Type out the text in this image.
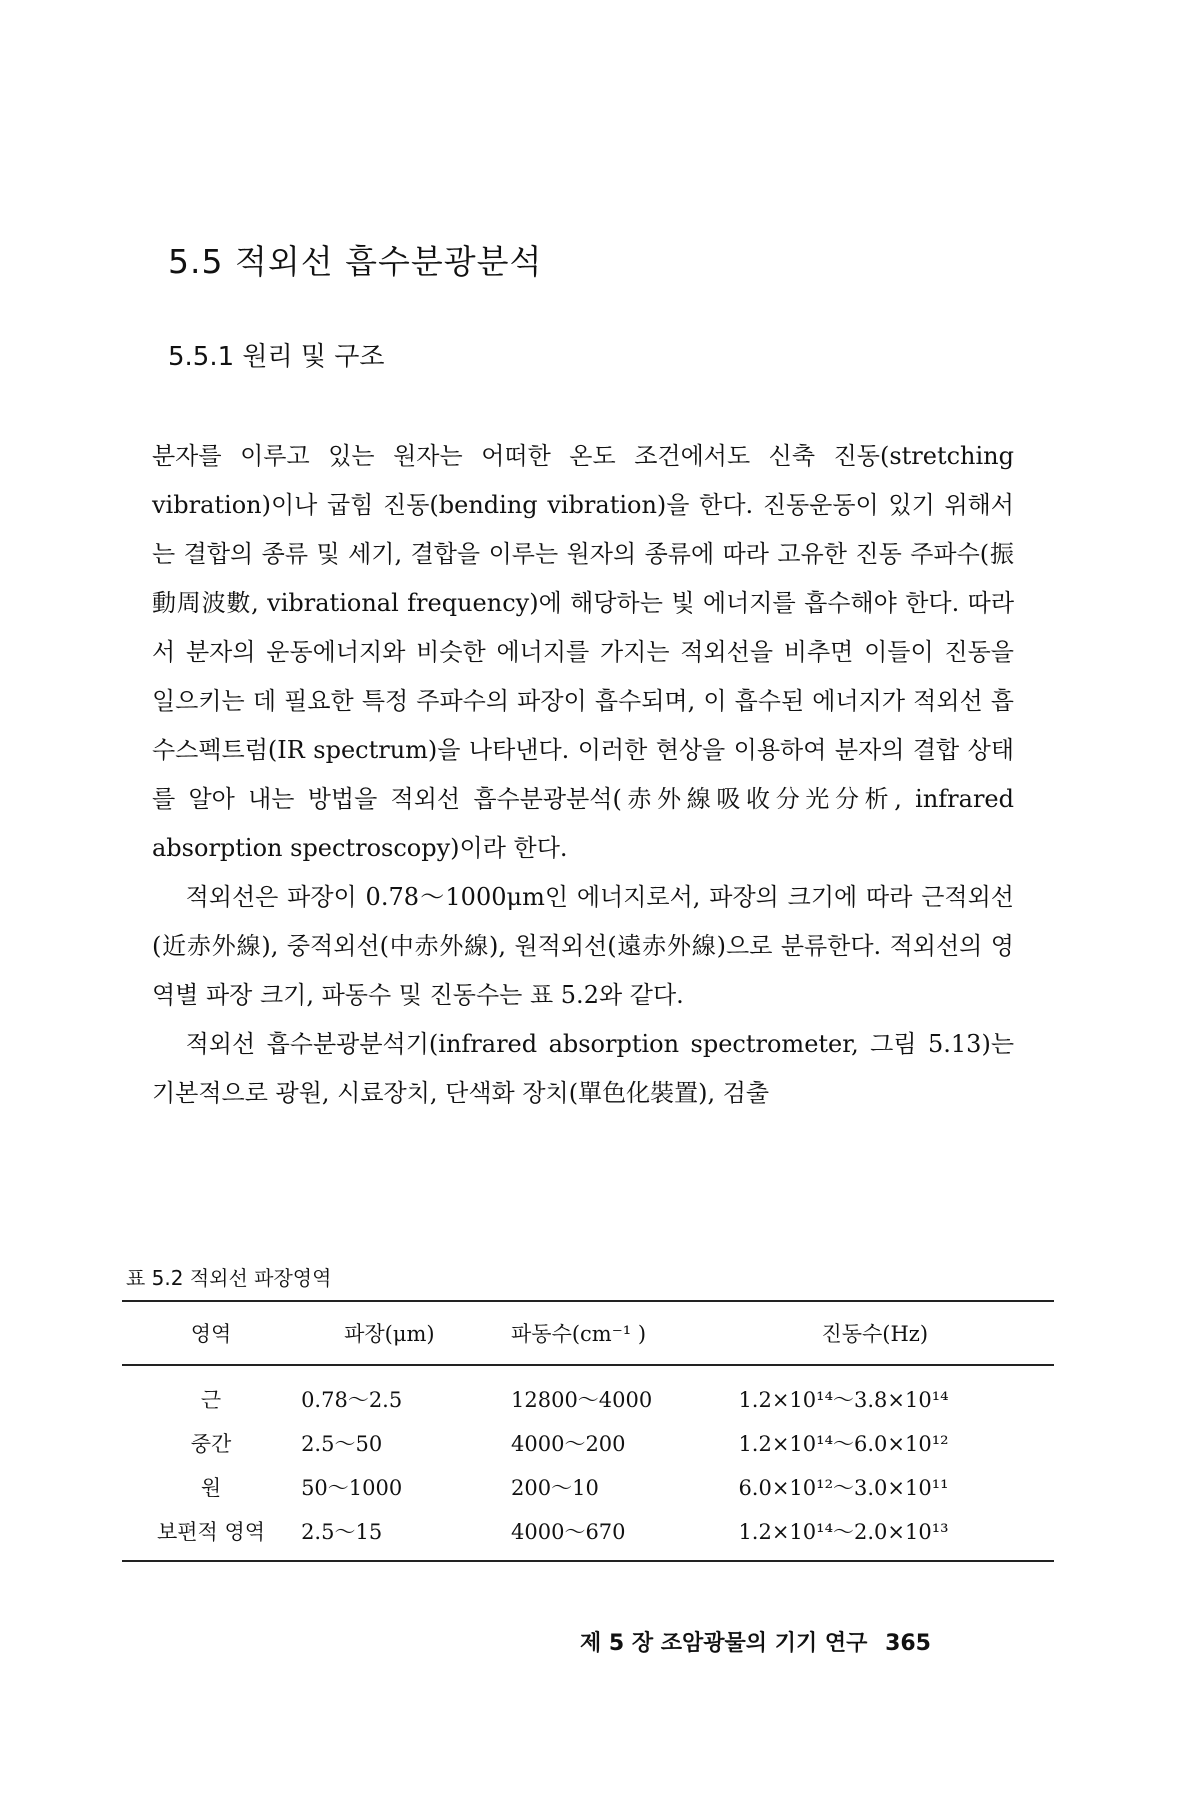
5.5 적외선 흡수분광분석
5.5.1 원리 및 구조

분자를 이루고 있는 원자는 어떠한 온도 조건에서도 신축 진동(stretching vibration)이나 굽힘 진동(bending vibration)을 한다. 진동운동이 있기 위해서는 결합의 종류 및 세기, 결합을 이루는 원자의 종류에 따라 고유한 진동 주파수(振動周波數, vibrational frequency)에 해당하는 빛 에너지를 흡수해야 한다. 따라서 분자의 운동에너지와 비슷한 에너지를 가지는 적외선을 비추면 이들이 진동을 일으키는 데 필요한 특정 주파수의 파장이 흡수되며, 이 흡수된 에너지가 적외선 흡수스펙트럼(IR spectrum)을 나타낸다. 이러한 현상을 이용하여 분자의 결합 상태를 알아 내는 방법을 적외선 흡수분광분석(赤外線吸收分光分析, infrared absorption spectroscopy)이라 한다.

적외선은 파장이 0.78～1000μm인 에너지로서, 파장의 크기에 따라 근적외선(近赤外線), 중적외선(中赤外線), 원적외선(遠赤外線)으로 분류한다. 적외선의 영역별 파장 크기, 파동수 및 진동수는 표 5.2와 같다.

적외선 흡수분광분석기(infrared absorption spectrometer, 그림 5.13)는 기본적으로 광원, 시료장치, 단색화 장치(單色化裝置), 검출

표 5.2 적외선 파장영역
영역	파장(μm)	파동수(cm⁻¹ )	진동수(Hz)
근	0.78～2.5	12800～4000	1.2×10¹⁴～3.8×10¹⁴
중간	2.5～50	4000～200	1.2×10¹⁴～6.0×10¹²
원	50～1000	200～10	6.0×10¹²～3.0×10¹¹
보편적 영역	2.5～15	4000～670	1.2×10¹⁴～2.0×10¹³
제 5 장 조암광물의 기기 연구 365
